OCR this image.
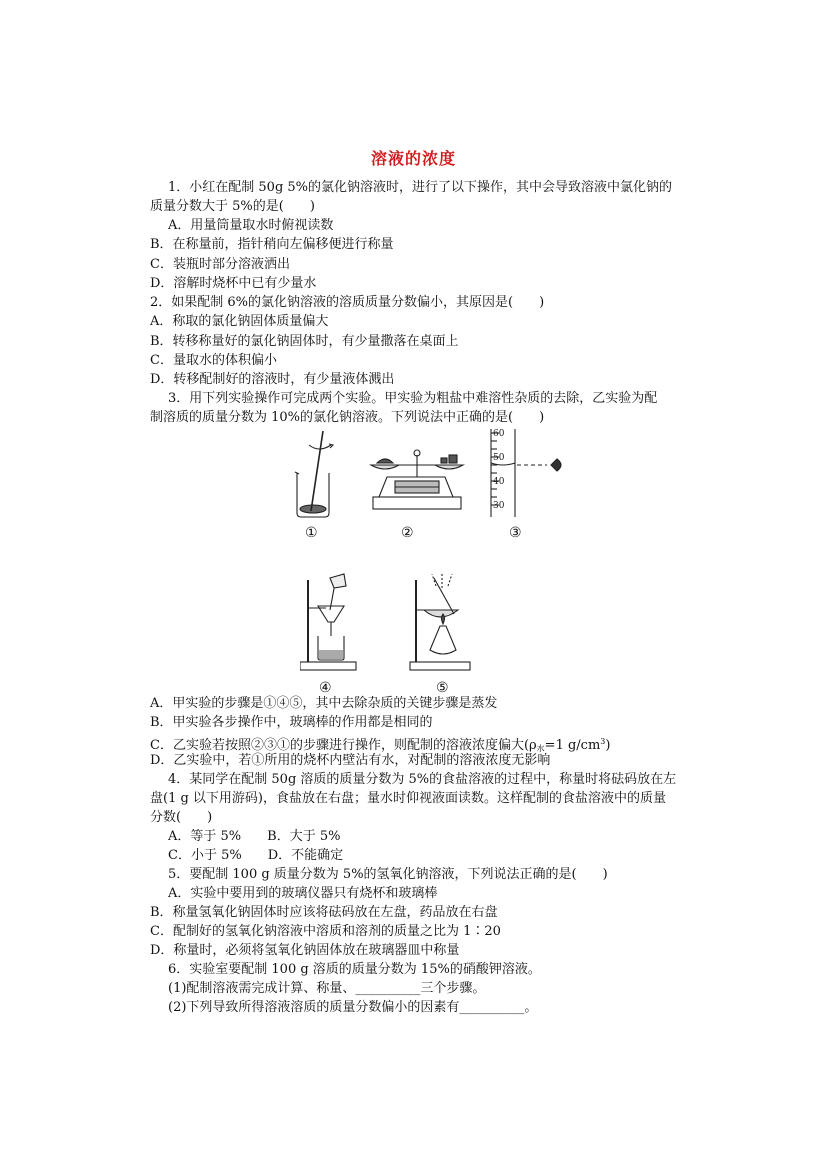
溶液的浓度
1．小红在配制 50g 5%的氯化钠溶液时，进行了以下操作，其中会导致溶液中氯化钠的
质量分数大于 5%的是(　　)
A．用量筒量取水时俯视读数
B．在称量前，指针稍向左偏移便进行称量
C．装瓶时部分溶液洒出
D．溶解时烧杯中已有少量水
2．如果配制 6%的氯化钠溶液的溶质质量分数偏小，其原因是(　　)
A．称取的氯化钠固体质量偏大
B．转移称量好的氯化钠固体时，有少量撒落在桌面上
C．量取水的体积偏小
D．转移配制好的溶液时，有少量液体溅出
3．用下列实验操作可完成两个实验。甲实验为粗盐中难溶性杂质的去除，乙实验为配
制溶质的质量分数为 10%的氯化钠溶液。下列说法中正确的是(　　)
60
50
40
30
①	②	③
④	⑤
A．甲实验的步骤是①④⑤，其中去除杂质的关键步骤是蒸发
B．甲实验各步操作中，玻璃棒的作用都是相同的
C．乙实验若按照②③①的步骤进行操作，则配制的溶液浓度偏大($\rho_水=1$ $g/cm^3$)
D．乙实验中，若①所用的烧杯内壁沾有水，对配制的溶液浓度无影响
4．某同学在配制 50g 溶质的质量分数为 5%的食盐溶液的过程中，称量时将砝码放在左
盘(1 g 以下用游码)，食盐放在右盘；量水时仰视液面读数。这样配制的食盐溶液中的质量
分数(　　)
A．等于 5%　　B．大于 5%
C．小于 5%　　D．不能确定
5．要配制 100 g 质量分数为 5%的氢氧化钠溶液，下列说法正确的是(　　)
A．实验中要用到的玻璃仪器只有烧杯和玻璃棒
B．称量氢氧化钠固体时应该将砝码放在左盘，药品放在右盘
C．配制好的氢氧化钠溶液中溶质和溶剂的质量之比为 1∶20
D．称量时，必须将氢氧化钠固体放在玻璃器皿中称量
6．实验室要配制 100 g 溶质的质量分数为 15%的硝酸钾溶液。
(1)配制溶液需完成计算、称量、__________三个步骤。
(2)下列导致所得溶液溶质的质量分数偏小的因素有__________。
